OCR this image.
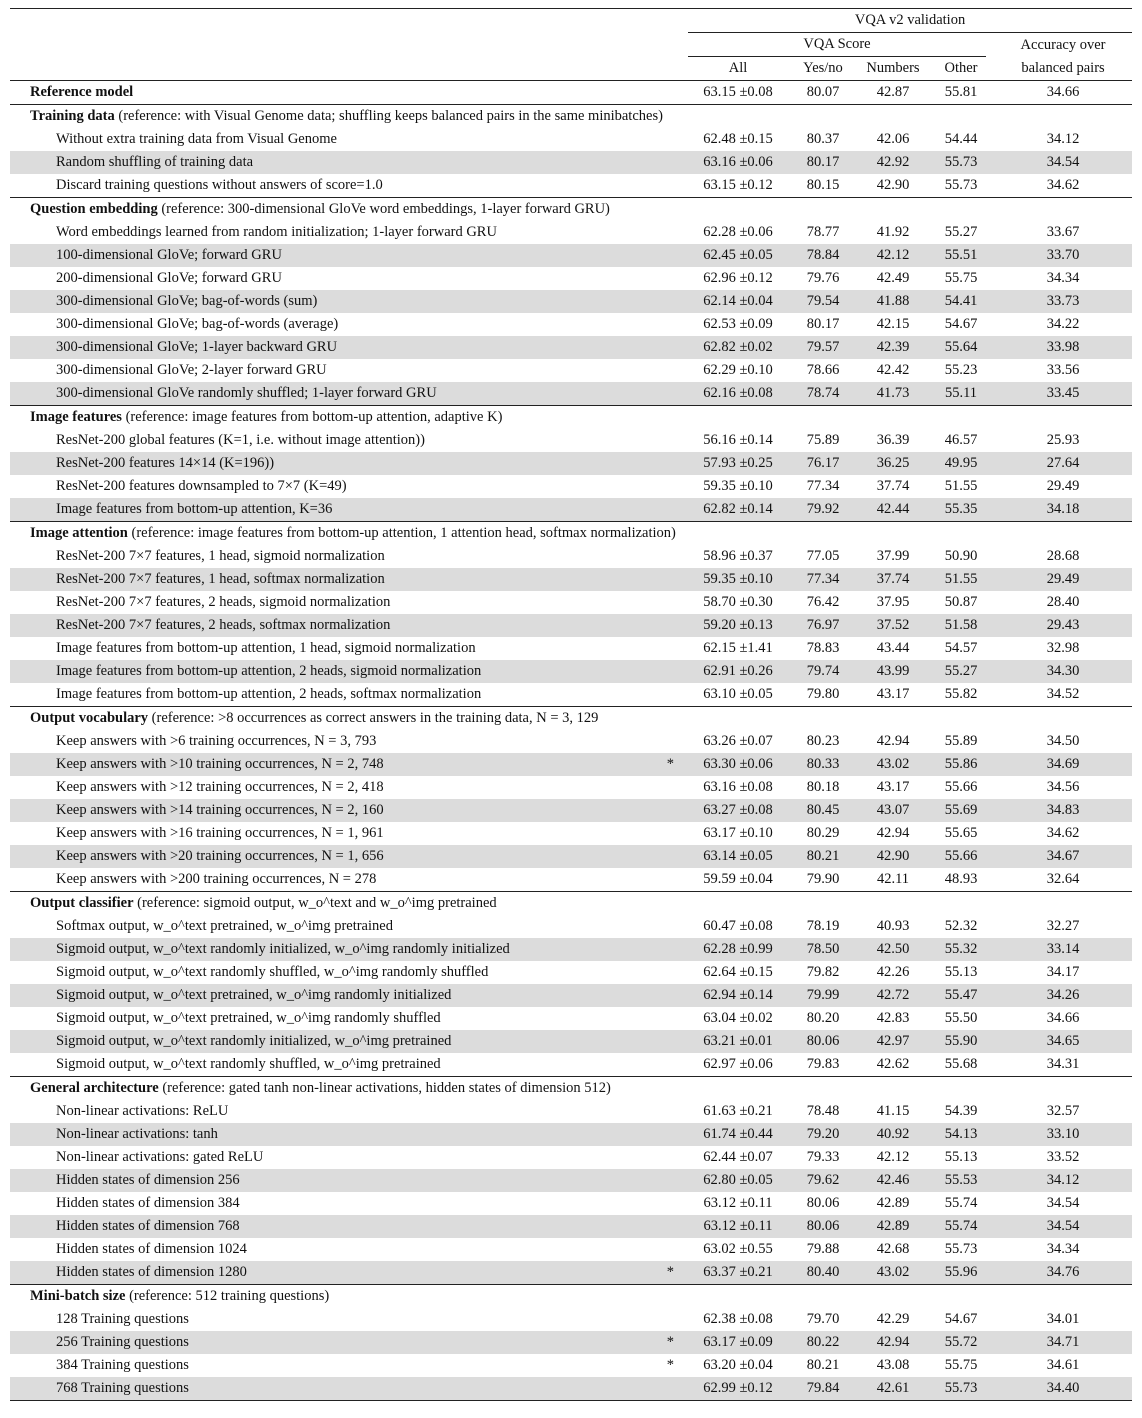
		VQA v2 validation				

		VQA Score				Accuracy over
		All	Yes/no	Numbers	Other	balanced pairs
Reference model		63.15 ±0.08	80.07	42.87	55.81	34.66
Training data (reference: with Visual Genome data; shuffling keeps balanced pairs in the same minibatches)						
Without extra training data from Visual Genome		62.48 ±0.15	80.37	42.06	54.44	34.12
Random shuffling of training data		63.16 ±0.06	80.17	42.92	55.73	34.54
Discard training questions without answers of score=1.0		63.15 ±0.12	80.15	42.90	55.73	34.62
Question embedding (reference: 300-dimensional GloVe word embeddings, 1-layer forward GRU)						
Word embeddings learned from random initialization; 1-layer forward GRU		62.28 ±0.06	78.77	41.92	55.27	33.67
100-dimensional GloVe; forward GRU		62.45 ±0.05	78.84	42.12	55.51	33.70
200-dimensional GloVe; forward GRU		62.96 ±0.12	79.76	42.49	55.75	34.34
300-dimensional GloVe; bag-of-words (sum)		62.14 ±0.04	79.54	41.88	54.41	33.73
300-dimensional GloVe; bag-of-words (average)		62.53 ±0.09	80.17	42.15	54.67	34.22
300-dimensional GloVe; 1-layer backward GRU		62.82 ±0.02	79.57	42.39	55.64	33.98
300-dimensional GloVe; 2-layer forward GRU		62.29 ±0.10	78.66	42.42	55.23	33.56
300-dimensional GloVe randomly shuffled; 1-layer forward GRU		62.16 ±0.08	78.74	41.73	55.11	33.45
Image features (reference: image features from bottom-up attention, adaptive K)						
ResNet-200 global features (K=1, i.e. without image attention))		56.16 ±0.14	75.89	36.39	46.57	25.93
ResNet-200 features 14×14 (K=196))		57.93 ±0.25	76.17	36.25	49.95	27.64
ResNet-200 features downsampled to 7×7 (K=49)		59.35 ±0.10	77.34	37.74	51.55	29.49
Image features from bottom-up attention, K=36		62.82 ±0.14	79.92	42.44	55.35	34.18
Image attention (reference: image features from bottom-up attention, 1 attention head, softmax normalization)						
ResNet-200 7×7 features, 1 head, sigmoid normalization		58.96 ±0.37	77.05	37.99	50.90	28.68
ResNet-200 7×7 features, 1 head, softmax normalization		59.35 ±0.10	77.34	37.74	51.55	29.49
ResNet-200 7×7 features, 2 heads, sigmoid normalization		58.70 ±0.30	76.42	37.95	50.87	28.40
ResNet-200 7×7 features, 2 heads, softmax normalization		59.20 ±0.13	76.97	37.52	51.58	29.43
Image features from bottom-up attention, 1 head, sigmoid normalization		62.15 ±1.41	78.83	43.44	54.57	32.98
Image features from bottom-up attention, 2 heads, sigmoid normalization		62.91 ±0.26	79.74	43.99	55.27	34.30
Image features from bottom-up attention, 2 heads, softmax normalization		63.10 ±0.05	79.80	43.17	55.82	34.52
Output vocabulary (reference: >8 occurrences as correct answers in the training data, N = 3, 129						
Keep answers with >6 training occurrences, N = 3, 793		63.26 ±0.07	80.23	42.94	55.89	34.50
Keep answers with >10 training occurrences, N = 2, 748	*	63.30 ±0.06	80.33	43.02	55.86	34.69
Keep answers with >12 training occurrences, N = 2, 418		63.16 ±0.08	80.18	43.17	55.66	34.56
Keep answers with >14 training occurrences, N = 2, 160		63.27 ±0.08	80.45	43.07	55.69	34.83
Keep answers with >16 training occurrences, N = 1, 961		63.17 ±0.10	80.29	42.94	55.65	34.62
Keep answers with >20 training occurrences, N = 1, 656		63.14 ±0.05	80.21	42.90	55.66	34.67
Keep answers with >200 training occurrences, N = 278		59.59 ±0.04	79.90	42.11	48.93	32.64
Output classifier (reference: sigmoid output, w_o^text and w_o^img pretrained						
Softmax output, w_o^text pretrained, w_o^img pretrained		60.47 ±0.08	78.19	40.93	52.32	32.27
Sigmoid output, w_o^text randomly initialized, w_o^img randomly initialized		62.28 ±0.99	78.50	42.50	55.32	33.14
Sigmoid output, w_o^text randomly shuffled, w_o^img randomly shuffled		62.64 ±0.15	79.82	42.26	55.13	34.17
Sigmoid output, w_o^text pretrained, w_o^img randomly initialized		62.94 ±0.14	79.99	42.72	55.47	34.26
Sigmoid output, w_o^text pretrained, w_o^img randomly shuffled		63.04 ±0.02	80.20	42.83	55.50	34.66
Sigmoid output, w_o^text randomly initialized, w_o^img pretrained		63.21 ±0.01	80.06	42.97	55.90	34.65
Sigmoid output, w_o^text randomly shuffled, w_o^img pretrained		62.97 ±0.06	79.83	42.62	55.68	34.31
General architecture (reference: gated tanh non-linear activations, hidden states of dimension 512)						
Non-linear activations: ReLU		61.63 ±0.21	78.48	41.15	54.39	32.57
Non-linear activations: tanh		61.74 ±0.44	79.20	40.92	54.13	33.10
Non-linear activations: gated ReLU		62.44 ±0.07	79.33	42.12	55.13	33.52
Hidden states of dimension 256		62.80 ±0.05	79.62	42.46	55.53	34.12
Hidden states of dimension 384		63.12 ±0.11	80.06	42.89	55.74	34.54
Hidden states of dimension 768		63.12 ±0.11	80.06	42.89	55.74	34.54
Hidden states of dimension 1024		63.02 ±0.55	79.88	42.68	55.73	34.34
Hidden states of dimension 1280	*	63.37 ±0.21	80.40	43.02	55.96	34.76
Mini-batch size (reference: 512 training questions)						
128 Training questions		62.38 ±0.08	79.70	42.29	54.67	34.01
256 Training questions	*	63.17 ±0.09	80.22	42.94	55.72	34.71
384 Training questions	*	63.20 ±0.04	80.21	43.08	55.75	34.61
768 Training questions		62.99 ±0.12	79.84	42.61	55.73	34.40
